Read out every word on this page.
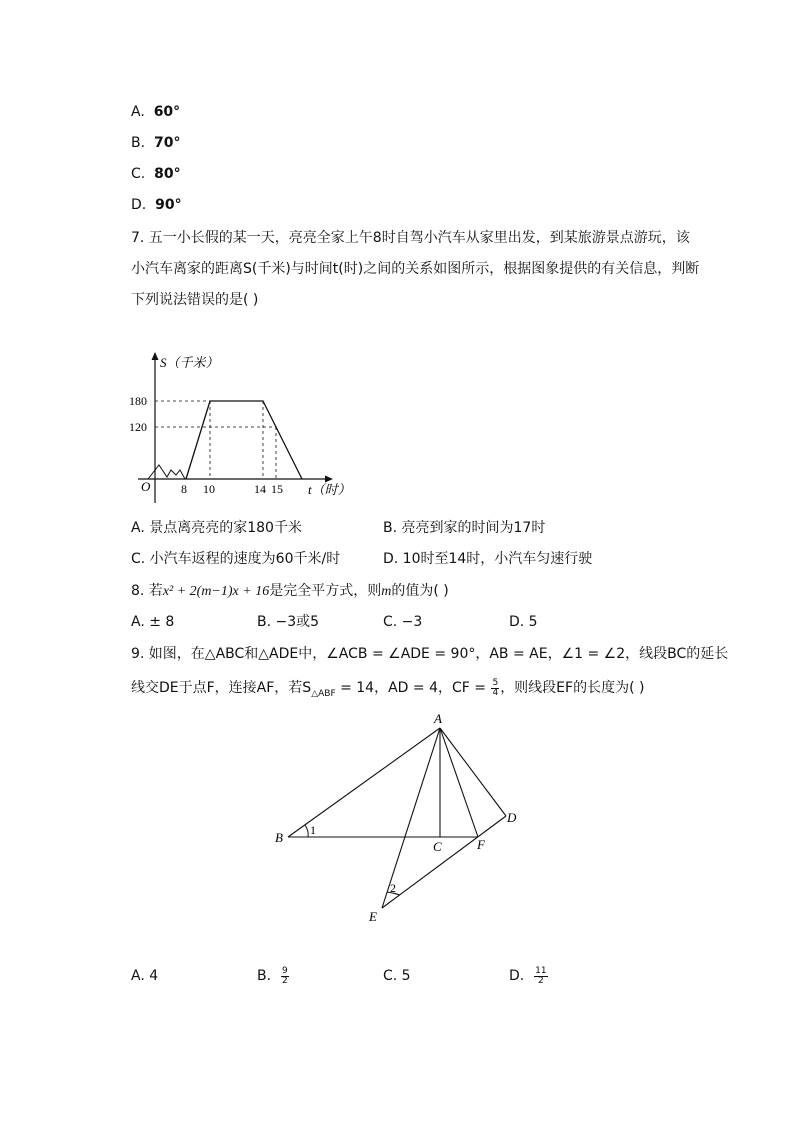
A. 60°
B. 70°
C. 80°
D. 90°
7. 五一小长假的某一天，亮亮全家上午8时自驾小汽车从家里出发，到某旅游景点游玩，该
小汽车离家的距离S(千米)与时间t(时)之间的关系如图所示，根据图象提供的有关信息，判断
下列说法错误的是( )
S（千米）
t（时）
O
180
120
8 10	14 15
A. 景点离亮亮的家180千米	B. 亮亮到家的时间为17时
C. 小汽车返程的速度为60千米/时	D. 10时至14时，小汽车匀速行驶
8. 若x² + 2(m−1)x + 16是完全平方式，则m的值为( )
A. ± 8	B. −3或5	C. −3	D. 5
9. 如图，在△ABC和△ADE中，∠ACB = ∠ADE = 90°，AB = AE，∠1 = ∠2，线段BC的延长
线交DE于点F，连接AF，若$S_{\triangle ABF} = 14$，AD = 4，CF = $\frac{5}{4}$ ，则线段EF的长度为( )
A
B
C	F
D
E
1
2
A. 4	B. $\frac{9}{2}$	C. 5	D. $\frac{11}{2}$
